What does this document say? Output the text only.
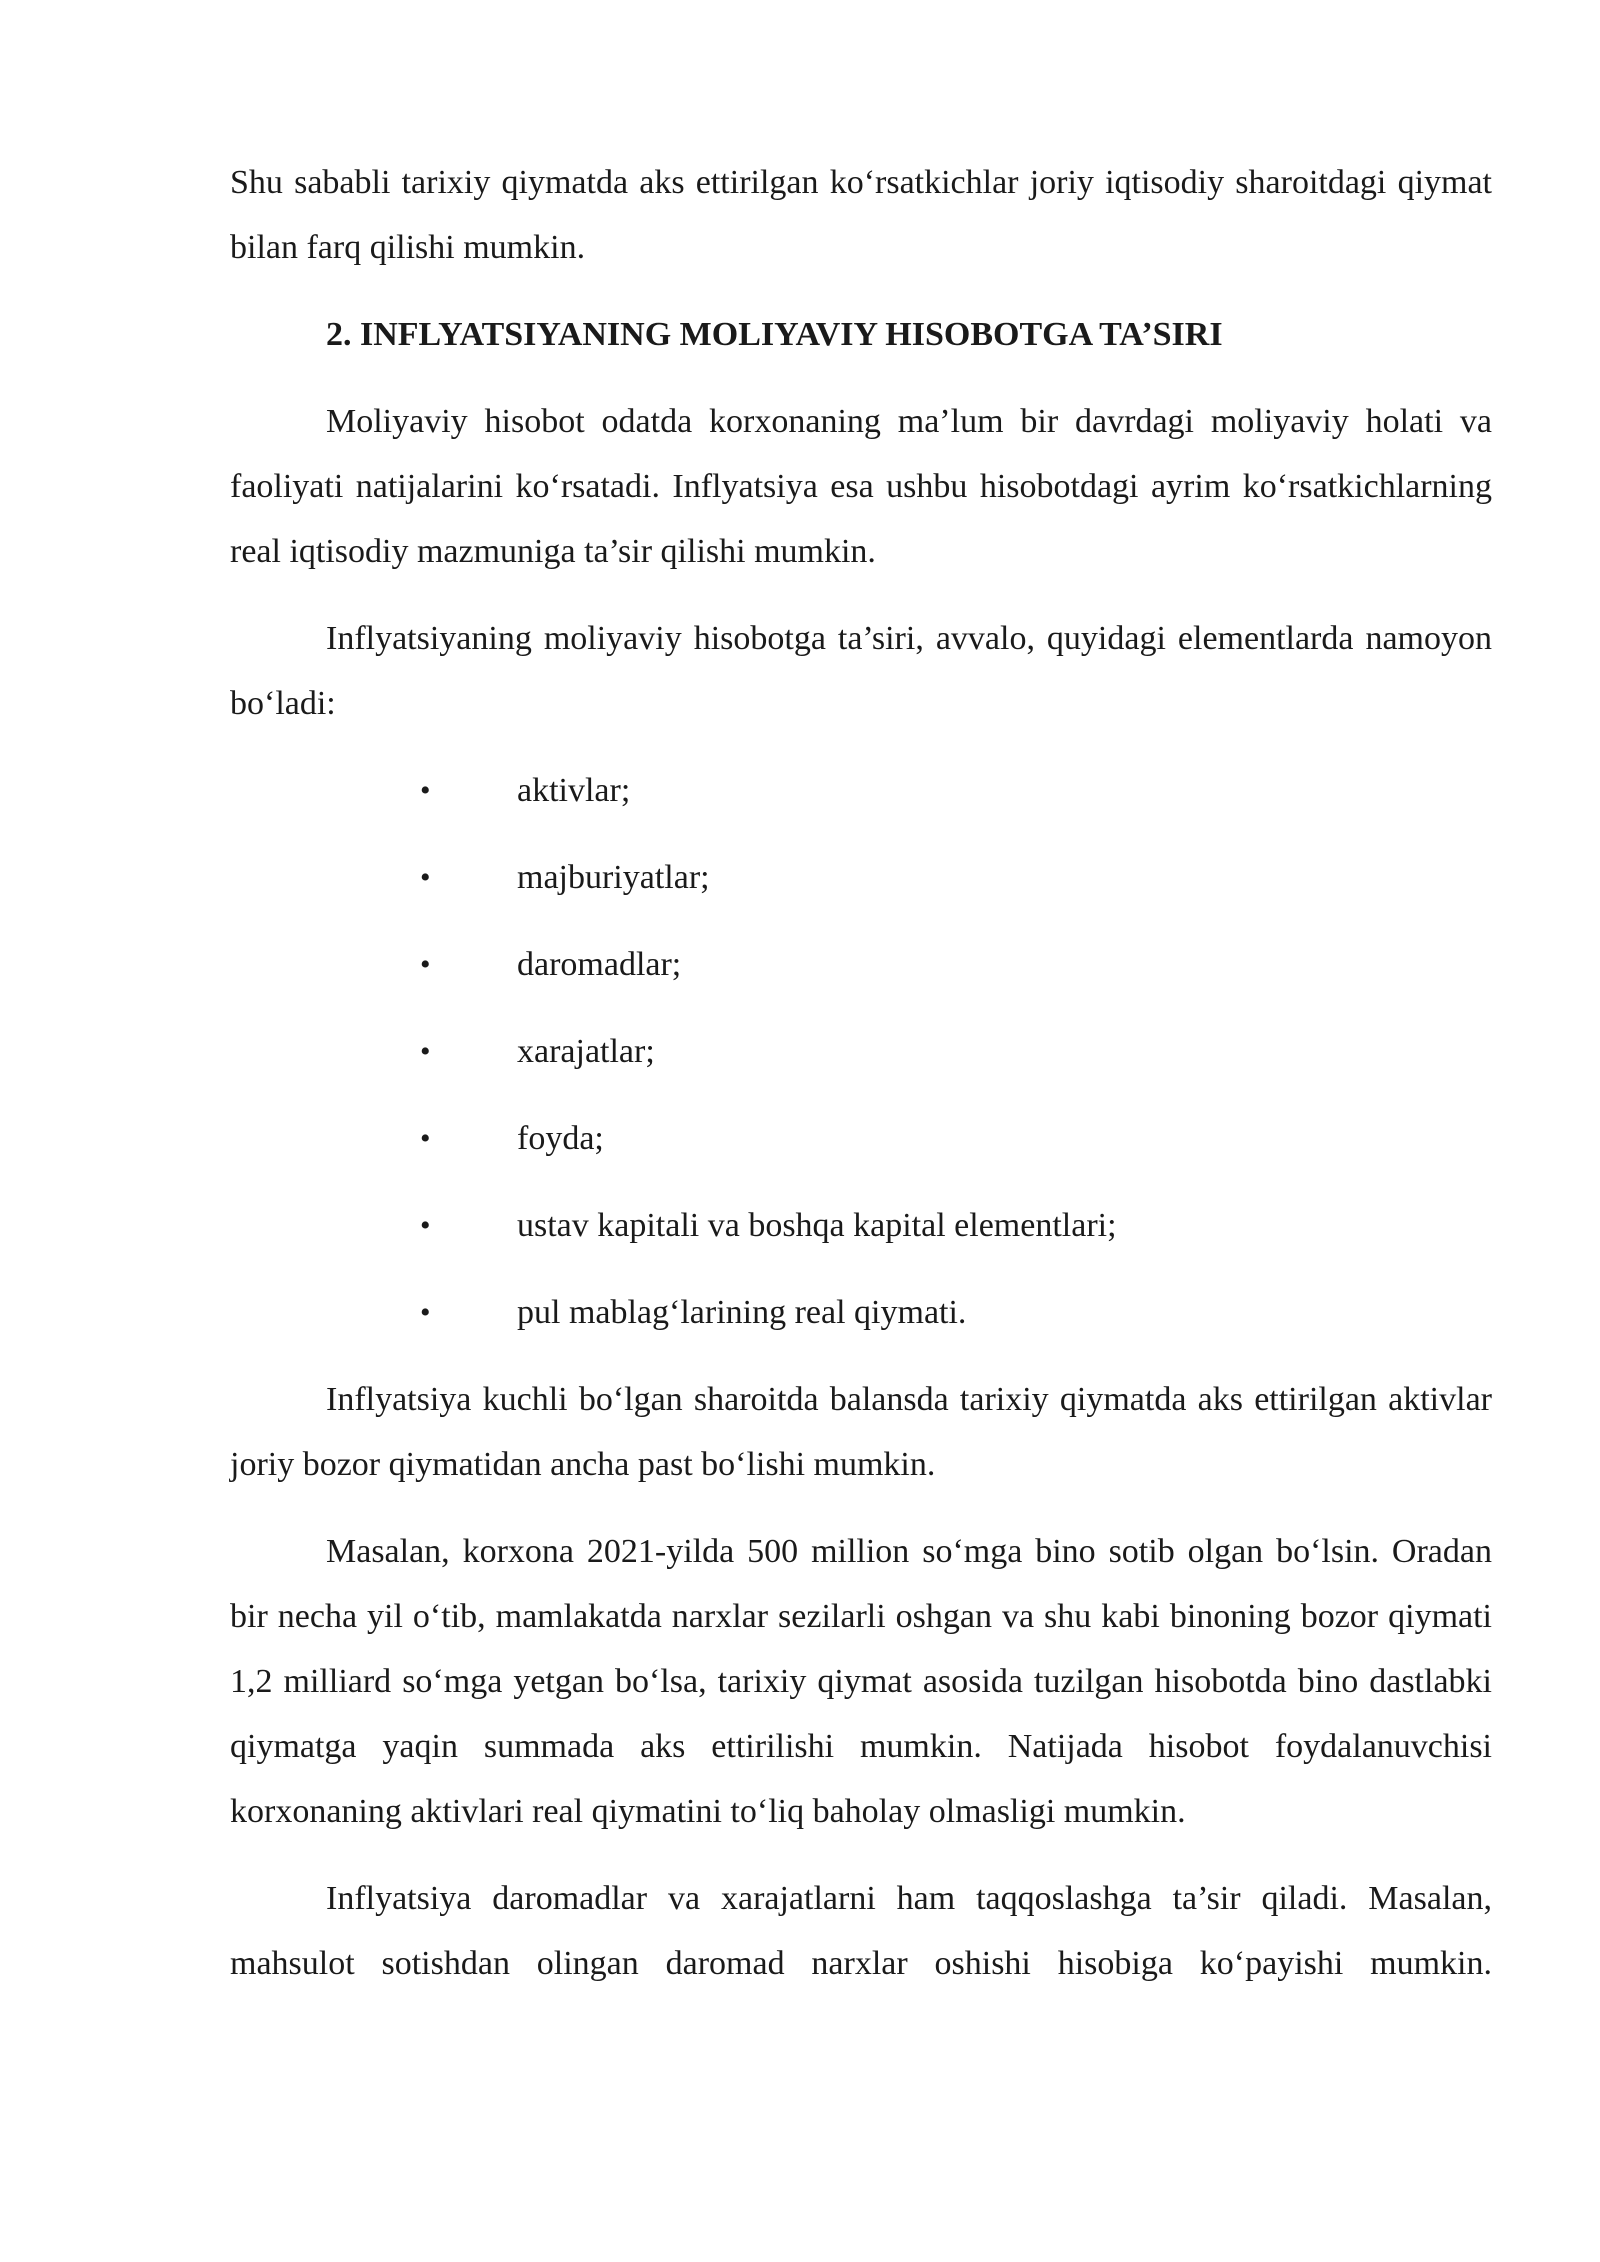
Shu sababli tarixiy qiymatda aks ettirilgan ko‘rsatkichlar joriy iqtisodiy sharoitdagi qiymat bilan farq qilishi mumkin.

2. INFLYATSIYANING MOLIYAVIY HISOBOTGA TA’SIRI

Moliyaviy hisobot odatda korxonaning ma’lum bir davrdagi moliyaviy holati va faoliyati natijalarini ko‘rsatadi. Inflyatsiya esa ushbu hisobotdagi ayrim ko‘rsatkichlarning real iqtisodiy mazmuniga ta’sir qilishi mumkin.

Inflyatsiyaning moliyaviy hisobotga ta’siri, avvalo, quyidagi elementlarda namoyon bo‘ladi:

•	aktivlar;
•	majburiyatlar;
•	daromadlar;
•	xarajatlar;
•	foyda;
•	ustav kapitali va boshqa kapital elementlari;
•	pul mablag‘larining real qiymati.

Inflyatsiya kuchli bo‘lgan sharoitda balansda tarixiy qiymatda aks ettirilgan aktivlar joriy bozor qiymatidan ancha past bo‘lishi mumkin.

Masalan, korxona 2021-yilda 500 million so‘mga bino sotib olgan bo‘lsin. Oradan bir necha yil o‘tib, mamlakatda narxlar sezilarli oshgan va shu kabi binoning bozor qiymati 1,2 milliard so‘mga yetgan bo‘lsa, tarixiy qiymat asosida tuzilgan hisobotda bino dastlabki qiymatga yaqin summada aks ettirilishi mumkin. Natijada hisobot foydalanuvchisi korxonaning aktivlari real qiymatini to‘liq baholay olmasligi mumkin.

Inflyatsiya daromadlar va xarajatlarni ham taqqoslashga ta’sir qiladi. Masalan, mahsulot sotishdan olingan daromad narxlar oshishi hisobiga ko‘payishi mumkin.
